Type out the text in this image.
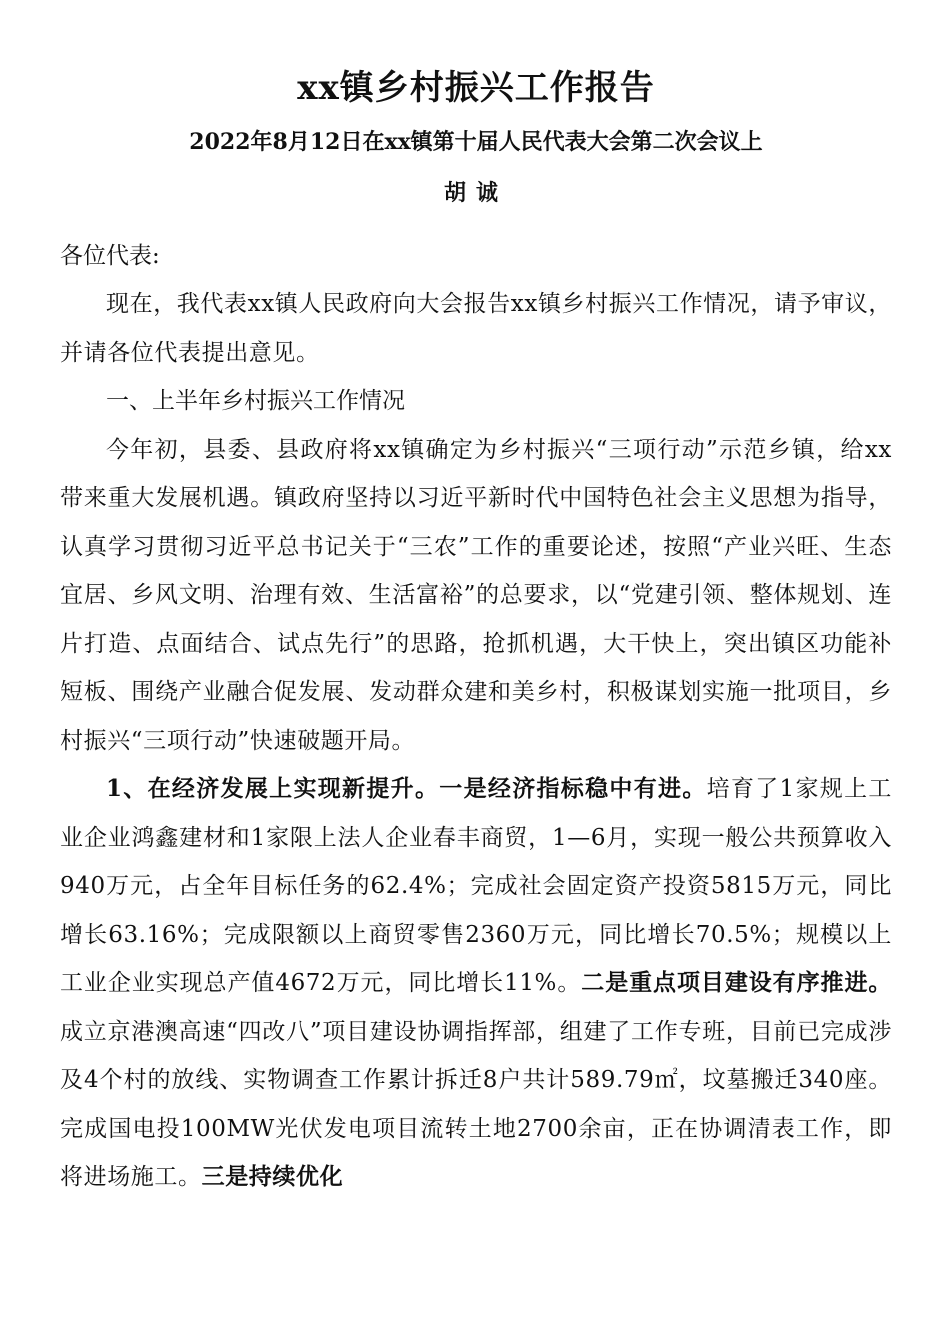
xx镇乡村振兴工作报告
2022年8月12日在xx镇第十届人民代表大会第二次会议上
胡诚

各位代表:

现在，我代表xx镇人民政府向大会报告xx镇乡村振兴工作情况，请予审议，并请各位代表提出意见。

一、上半年乡村振兴工作情况

今年初，县委、县政府将xx镇确定为乡村振兴“三项行动”示范乡镇，给xx带来重大发展机遇。镇政府坚持以习近平新时代中国特色社会主义思想为指导，认真学习贯彻习近平总书记关于“三农”工作的重要论述，按照“产业兴旺、生态宜居、乡风文明、治理有效、生活富裕”的总要求，以“党建引领、整体规划、连片打造、点面结合、试点先行”的思路，抢抓机遇，大干快上，突出镇区功能补短板、围绕产业融合促发展、发动群众建和美乡村，积极谋划实施一批项目，乡村振兴“三项行动”快速破题开局。

1、在经济发展上实现新提升。一是经济指标稳中有进。培育了1家规上工业企业鸿鑫建材和1家限上法人企业春丰商贸，1—6月，实现一般公共预算收入940万元，占全年目标任务的62.4%；完成社会固定资产投资5815万元，同比增长63.16%；完成限额以上商贸零售2360万元，同比增长70.5%；规模以上工业企业实现总产值4672万元，同比增长11%。二是重点项目建设有序推进。成立京港澳高速“四改八”项目建设协调指挥部，组建了工作专班，目前已完成涉及4个村的放线、实物调查工作累计拆迁8户共计589.79㎡，坟墓搬迁340座。完成国电投100MW光伏发电项目流转土地2700余亩，正在协调清表工作，即将进场施工。三是持续优化
